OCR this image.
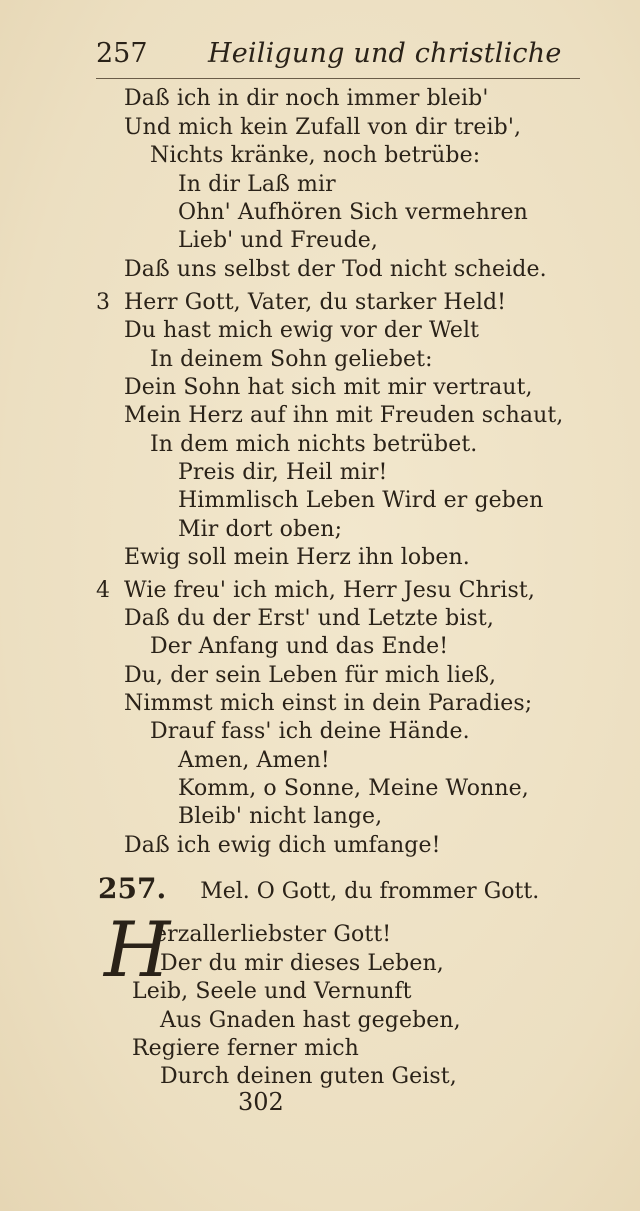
257 Heiligung und christliche
Daß ich in dir noch immer bleib'
Und mich kein Zufall von dir treib',
Nichts kränke, noch betrübe:
In dir Laß mir
Ohn' Aufhören Sich vermehren
Lieb' und Freude,
Daß uns selbst der Tod nicht scheide.
3 Herr Gott, Vater, du starker Held!
Du hast mich ewig vor der Welt
In deinem Sohn geliebet:
Dein Sohn hat sich mit mir vertraut,
Mein Herz auf ihn mit Freuden schaut,
In dem mich nichts betrübet.
Preis dir, Heil mir!
Himmlisch Leben Wird er geben
Mir dort oben;
Ewig soll mein Herz ihn loben.
4 Wie freu' ich mich, Herr Jesu Christ,
Daß du der Erst' und Letzte bist,
Der Anfang und das Ende!
Du, der sein Leben für mich ließ,
Nimmst mich einst in dein Paradies;
Drauf fass' ich deine Hände.
Amen, Amen!
Komm, o Sonne, Meine Wonne,
Bleib' nicht lange,
Daß ich ewig dich umfange!
257. Mel. O Gott, du frommer Gott.
H
erzallerliebster Gott!
Der du mir dieses Leben,
Leib, Seele und Vernunft
Aus Gnaden hast gegeben,
Regiere ferner mich
Durch deinen guten Geist,
302
